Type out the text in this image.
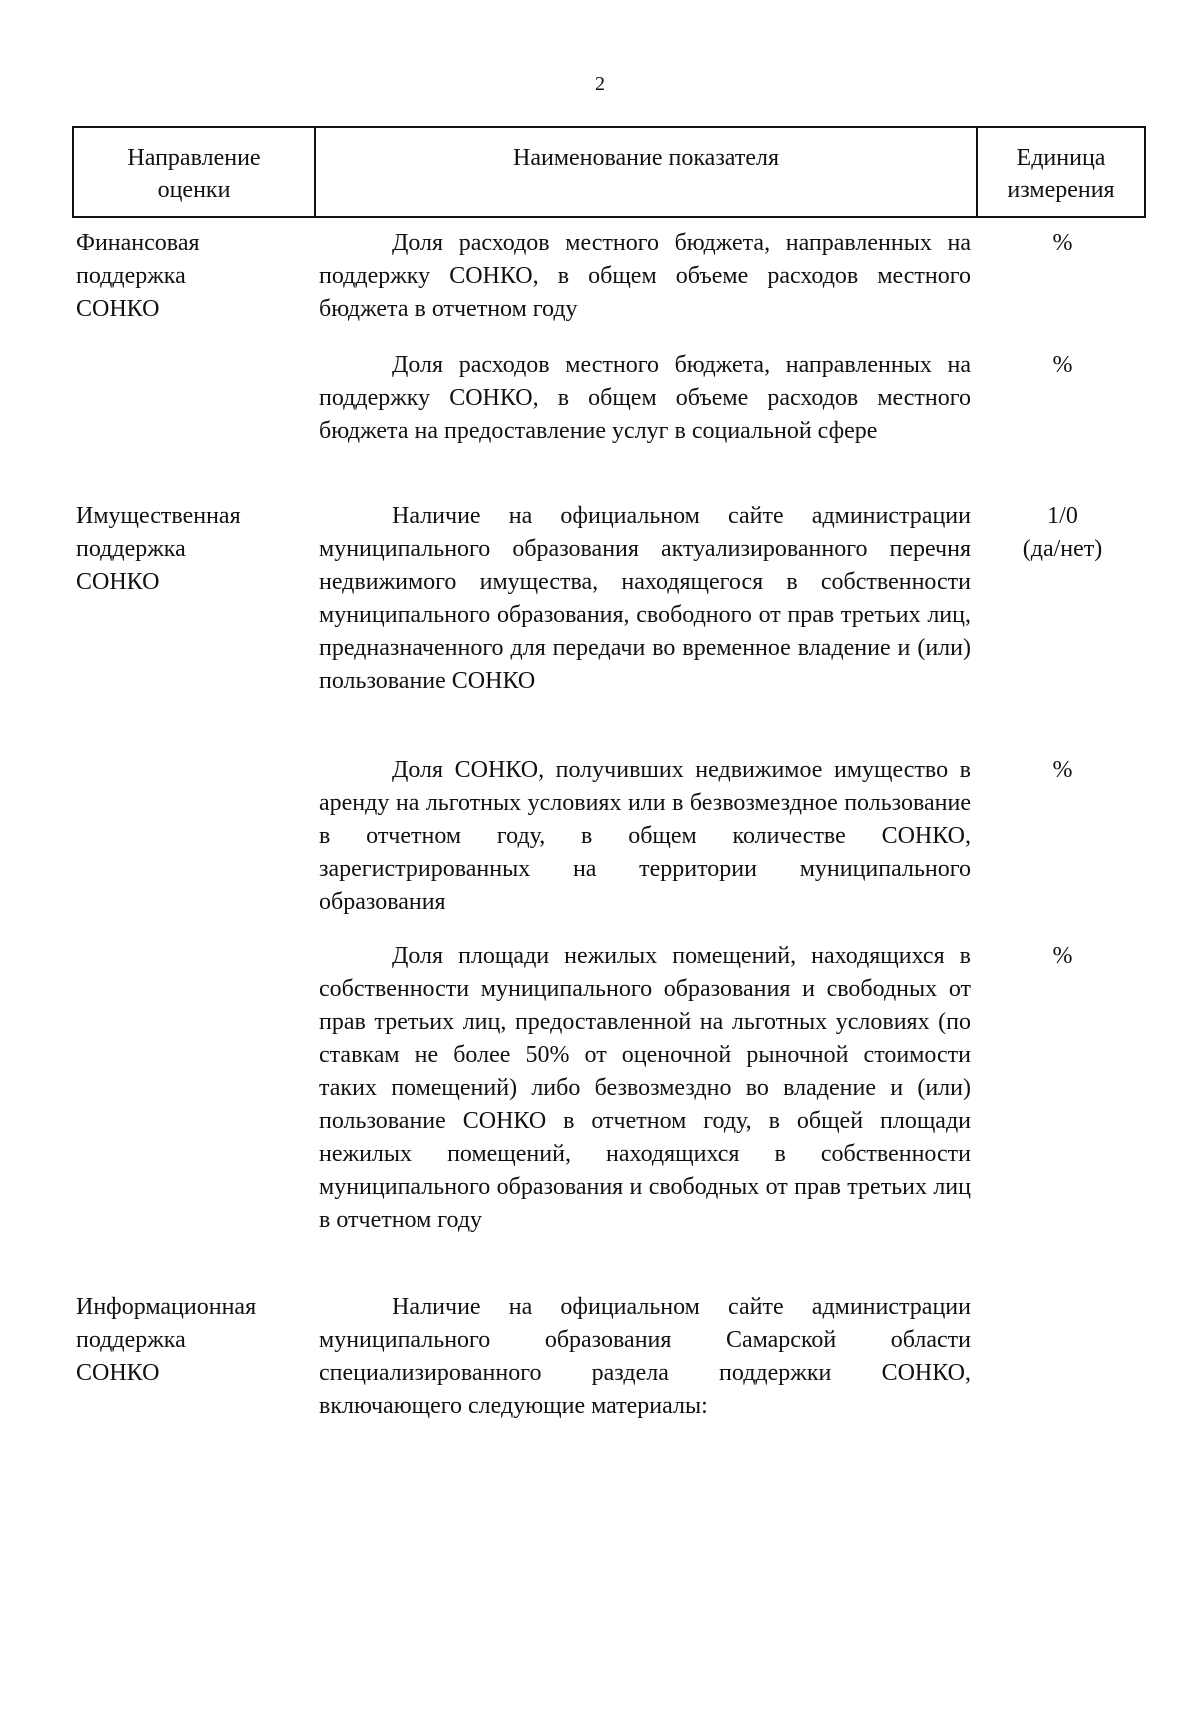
2
Направление
оценки
Наименование показателя	Единица
измерения
Финансовая
поддержка
СОНКО

Доля расходов местного бюджета, направленных на поддержку СОНКО, в общем объеме расходов местного бюджета в отчетном году

%

Доля расходов местного бюджета, направленных на поддержку СОНКО, в общем объеме расходов местного бюджета на предоставление услуг в социальной сфере

%
Имущественная
поддержка
СОНКО

Наличие на официальном сайте администрации муниципального образования актуализированного перечня недвижимого имущества, находящегося в собственности муниципального образования, свободного от прав третьих лиц, предназначенного для передачи во временное владение и (или) пользование СОНКО

1/0
(да/нет)

Доля СОНКО, получивших недвижимое имущество в аренду на льготных условиях или в безвозмездное пользование в отчетном году, в общем количестве СОНКО, зарегистрированных на территории муниципального образования

%

Доля площади нежилых помещений, находящихся в собственности муниципального образования и свободных от прав третьих лиц, предоставленной на льготных условиях (по ставкам не более 50% от оценочной рыночной стоимости таких помещений) либо безвозмездно во владение и (или) пользование СОНКО в отчетном году, в общей площади нежилых помещений, находящихся в собственности муниципального образования и свободных от прав третьих лиц в отчетном году

%
Информационная
поддержка
СОНКО

Наличие на официальном сайте администрации муниципального образования Самарской области специализированного раздела поддержки СОНКО, включающего следующие материалы:
